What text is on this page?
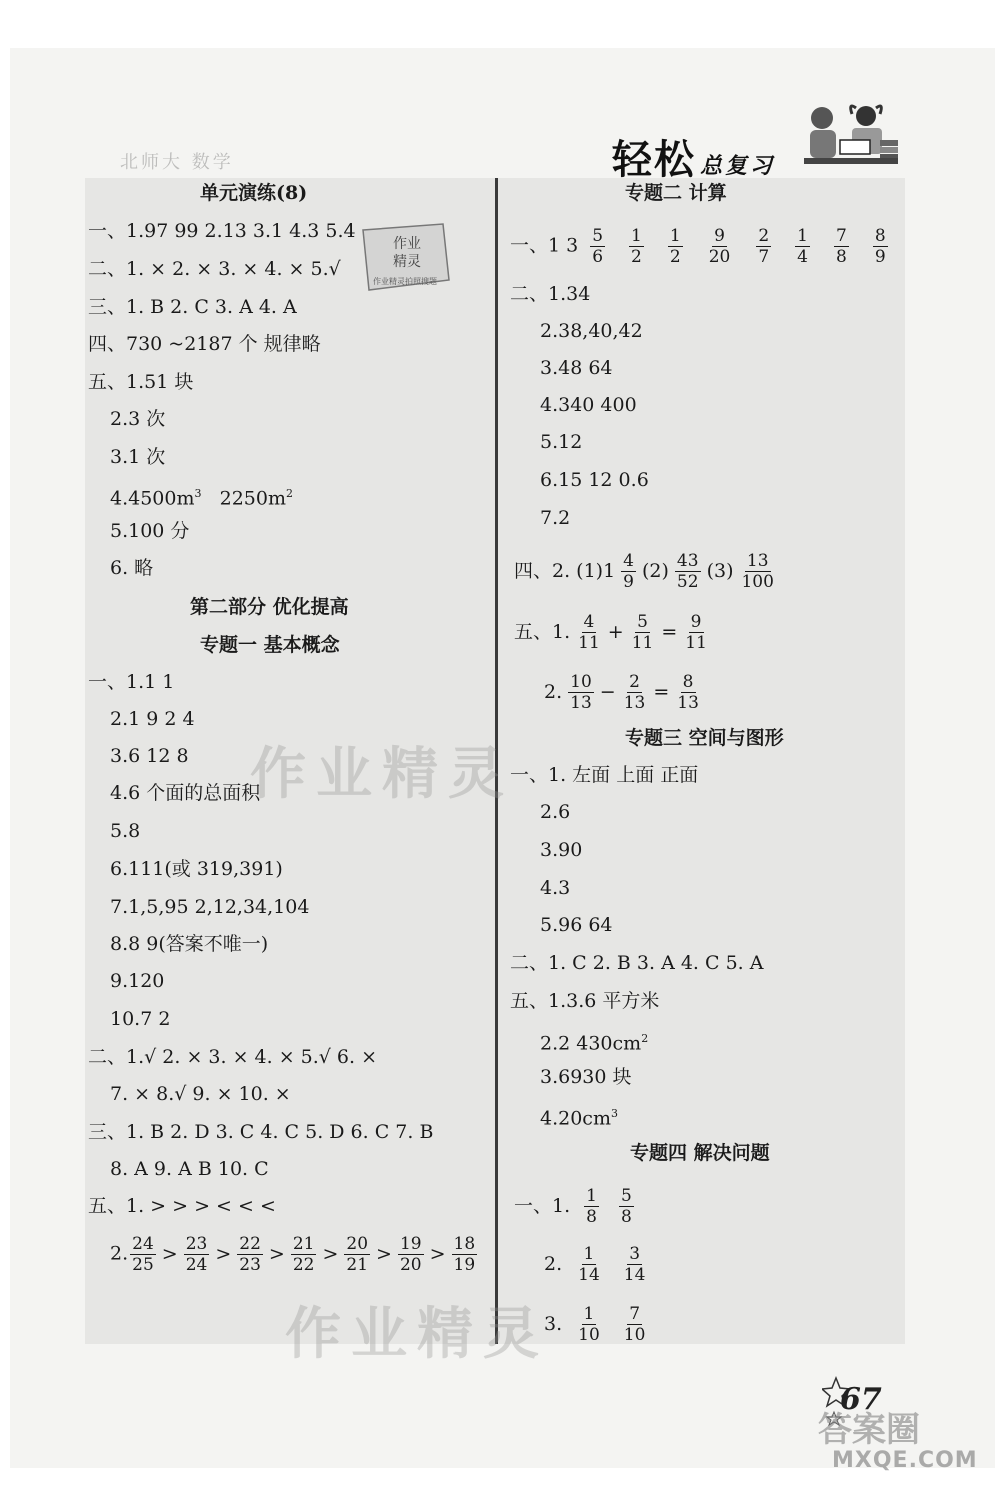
北师大 数学	轻松 总复习
作业
精灵
作业精灵拍照搜题
作业精灵
作业精灵
单元演练(8)
一、1.97 99 2.13 3.1 4.3 5.4
二、1. × 2. × 3. × 4. × 5.√
三、1. B 2. C 3. A 4. A
四、730 ~2187 个 规律略
五、1.51 块
2.3 次
3.1 次
$4.4500m^3$ $2250m^2$
5.100 分
6. 略
第二部分 优化提高
专题一 基本概念
一、1.1 1
2.1 9 2 4
3.6 12 8
4.6 个面的总面积
5.8
6.111(或 319,391)
7.1,5,95 2,12,34,104
8.8 9(答案不唯一)
9.120
10.7 2
二、1.√ 2. × 3. × 4. × 5.√ 6. ×
7. × 8.√ 9. × 10. ×
三、1. B 2. D 3. C 4. C 5. D 6. C 7. B
8. A 9. A B 10. C
五、1. > > > < < <
2. $\frac{24}{25} > \frac{23}{24} > \frac{22}{23} > \frac{21}{22} > \frac{20}{21} > \frac{19}{20} > \frac{18}{19}$
专题二 计算
一、1 $3 \frac{5}{6} \frac{1}{2} \frac{1}{2} \frac{9}{20} \frac{2}{7} \frac{1}{4} \frac{7}{8} \frac{8}{9}$
二、1.34
2.38,40,42
3.48 64
4.340 400
5.12
6.15 12 0.6
7.2
四、2. $(1)1 \frac{4}{9} (2) \frac{43}{52} (3) \frac{13}{100}$
五、1. $\frac{4}{11} + \frac{5}{11} = \frac{9}{11}$
2. $\frac{10}{13} - \frac{2}{13} = \frac{8}{13}$
专题三 空间与图形
一、1. 左面 上面 正面
2.6
3.90
4.3
5.96 64
二、1. C 2. B 3. A 4. C 5. A
五、1.3.6 平方米
2.2 $430cm^2$
3.6930 块
$4.20cm^3$
专题四 解决问题
一、1. $\frac{1}{8} \frac{5}{8}$
2. $\frac{1}{14} \frac{3}{14}$
3. $\frac{1}{10} \frac{7}{10}$
67
答案圈
MXQE.COM
